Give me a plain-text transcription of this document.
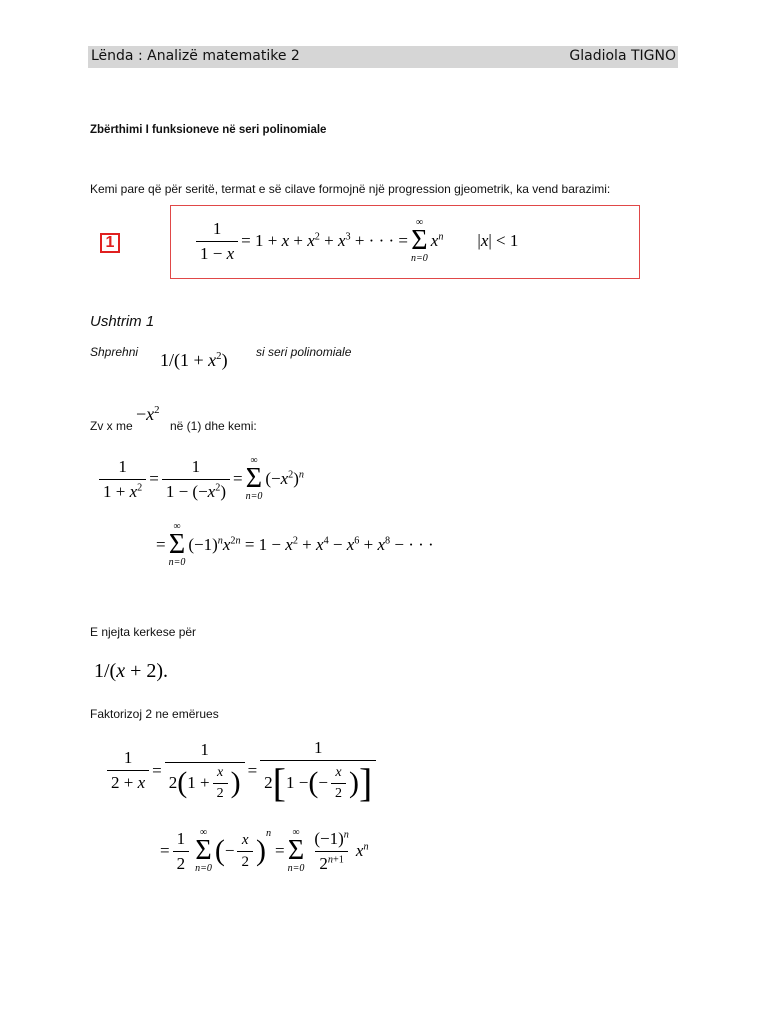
Lënda : Analizë matematike 2	Gladiola TIGNO
Zbërthimi I funksioneve në seri polinomiale
Kemi pare që për seritë, termat e së cilave formojnë një progression gjeometrik, ka vend barazimi:
1	$\frac{1}{1 - x} = 1 + x + x^2 + x^3$ + · · · =
∞
Σ
n=0
$x^n$ |x| < 1
Ushtrim 1
Shprehni $1/(1 + x^2)$ si seri polinomiale
Zv x me
$-x^2$
në (1) dhe kemi:
$\frac{1}{1 + x^2} = \frac{1}{1 - (-x^2)}$ =
∞
Σ
n=0
$(-x^2)^n$
=
∞
Σ
n=0
$(-1)^nx^{2n} = 1 - x^2 + x^4 - x^6 + x^8$ − · · ·
E njejta kerkese për
1/(x + 2).
Faktorizoj 2 ne emërues
$\frac{1}{2 + x} = \frac{1}{2 ( 1 + \frac{x}{2} )} = \frac{1}{2 [ 1 - ( - \frac{x}{2} ) ]}$
= $\frac{1}{2}$ ∞
Σ
n=0
( − $\frac{x}{2}$ )
$^n$
=
∞
Σ
$n=0 \frac{(-1)^n}{2^{n+1}} x^n$
